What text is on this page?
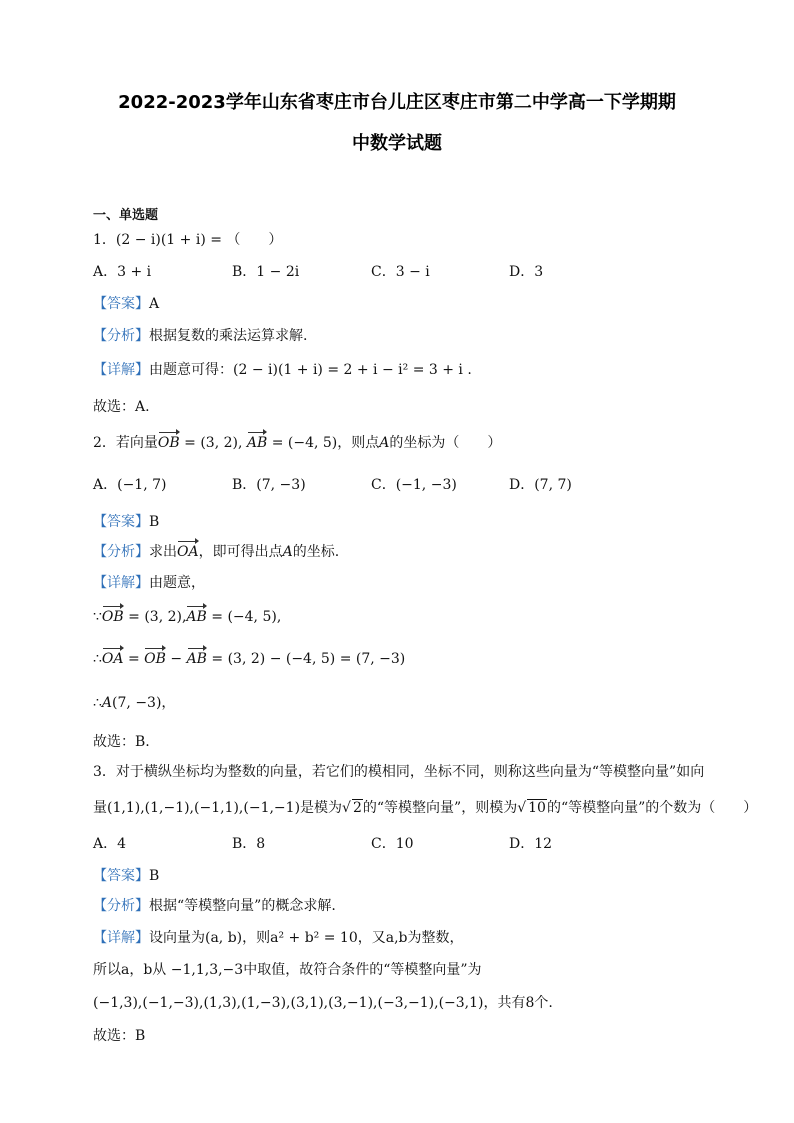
2022-2023学年山东省枣庄市台儿庄区枣庄市第二中学高一下学期期
中数学试题
一、单选题
1．(2 − i)(1 + i) = （　　）
A．3 + i	B．1 − 2i	C．3 − i	D．3
【答案】A
【分析】根据复数的乘法运算求解.
【详解】由题意可得：(2 − i)(1 + i) = 2 + i − i² = 3 + i .
故选：A.
2．若向量OB = (3, 2), AB = (−4, 5)，则点A的坐标为（　　）
A．(−1, 7)	B．(7, −3)	C．(−1, −3)	D．(7, 7)
【答案】B
【分析】求出OA，即可得出点A的坐标.
【详解】由题意，
∵OB = (3, 2),AB = (−4, 5),
∴OA = OB − AB = (3, 2) − (−4, 5) = (7, −3)
∴A(7, −3)，
故选：B.
3．对于横纵坐标均为整数的向量，若它们的模相同，坐标不同，则称这些向量为“等模整向量”如向
量(1,1),(1,−1),(−1,1),(−1,−1)是模为√ 2的“等模整向量”，则模为√ 10的“等模整向量”的个数为（　　）
A．4	B．8	C．10	D．12
【答案】B
【分析】根据“等模整向量”的概念求解.
【详解】设向量为(a, b)，则a² + b² = 10，又a,b为整数，
所以a，b从 −1,1,3,−3中取值，故符合条件的“等模整向量”为
(−1,3),(−1,−3),(1,3),(1,−3),(3,1),(3,−1),(−3,−1),(−3,1)，共有8个.
故选：B
